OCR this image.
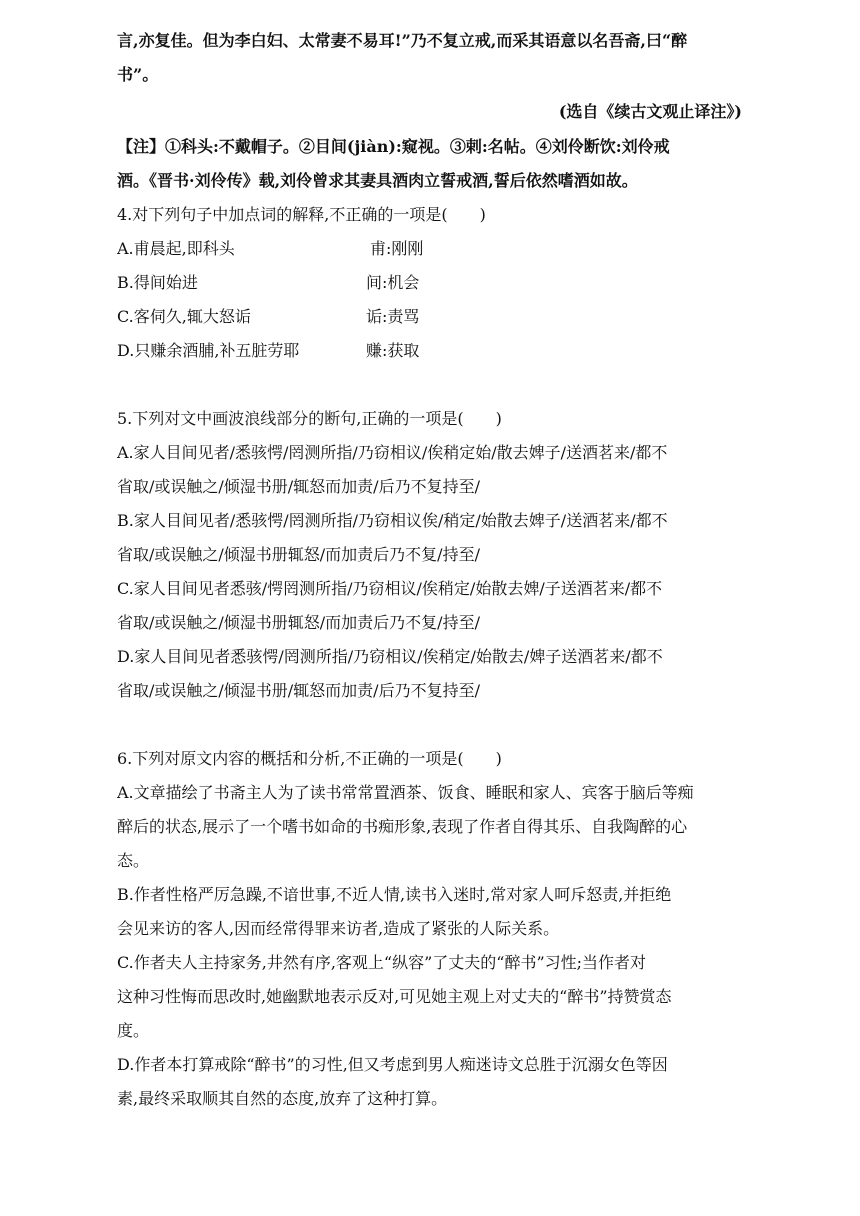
言,亦复佳。但为李白妇、太常妻不易耳!”乃不复立戒,而采其语意以名吾斋,曰“醉
书”。
(选自《续古文观止译注》)
【注】①科头:不戴帽子。②目间(jiàn):窥视。③剌:名帖。④刘伶断饮:刘伶戒
酒。《晋书·刘伶传》载,刘伶曾求其妻具酒肉立誓戒酒,誓后依然嗜酒如故。
4.对下列句子中加点词的解释,不正确的一项是(　　)
A.甫晨起,即科头	甫:刚刚
B.得间始进	间:机会
C.客伺久,辄大怒诟	诟:责骂
D.只赚余酒脯,补五脏劳耶	赚:获取
5.下列对文中画波浪线部分的断句,正确的一项是(　　)
A.家人目间见者/悉骇愕/罔测所指/乃窃相议/俟稍定始/散去婢子/送酒茗来/都不
省取/或误触之/倾湿书册/辄怒而加责/后乃不复持至/
B.家人目间见者/悉骇愕/罔测所指/乃窃相议俟/稍定/始散去婢子/送酒茗来/都不
省取/或误触之/倾湿书册辄怒/而加责后乃不复/持至/
C.家人目间见者悉骇/愕罔测所指/乃窃相议/俟稍定/始散去婢/子送酒茗来/都不
省取/或误触之/倾湿书册辄怒/而加责后乃不复/持至/
D.家人目间见者悉骇愕/罔测所指/乃窃相议/俟稍定/始散去/婢子送酒茗来/都不
省取/或误触之/倾湿书册/辄怒而加责/后乃不复持至/
6.下列对原文内容的概括和分析,不正确的一项是(　　)
A.文章描绘了书斋主人为了读书常常置酒茶、饭食、睡眠和家人、宾客于脑后等痴
醉后的状态,展示了一个嗜书如命的书痴形象,表现了作者自得其乐、自我陶醉的心
态。
B.作者性格严厉急躁,不谙世事,不近人情,读书入迷时,常对家人呵斥怒责,并拒绝
会见来访的客人,因而经常得罪来访者,造成了紧张的人际关系。
C.作者夫人主持家务,井然有序,客观上“纵容”了丈夫的“醉书”习性;当作者对
这种习性悔而思改时,她幽默地表示反对,可见她主观上对丈夫的“醉书”持赞赏态
度。
D.作者本打算戒除“醉书”的习性,但又考虑到男人痴迷诗文总胜于沉溺女色等因
素,最终采取顺其自然的态度,放弃了这种打算。
